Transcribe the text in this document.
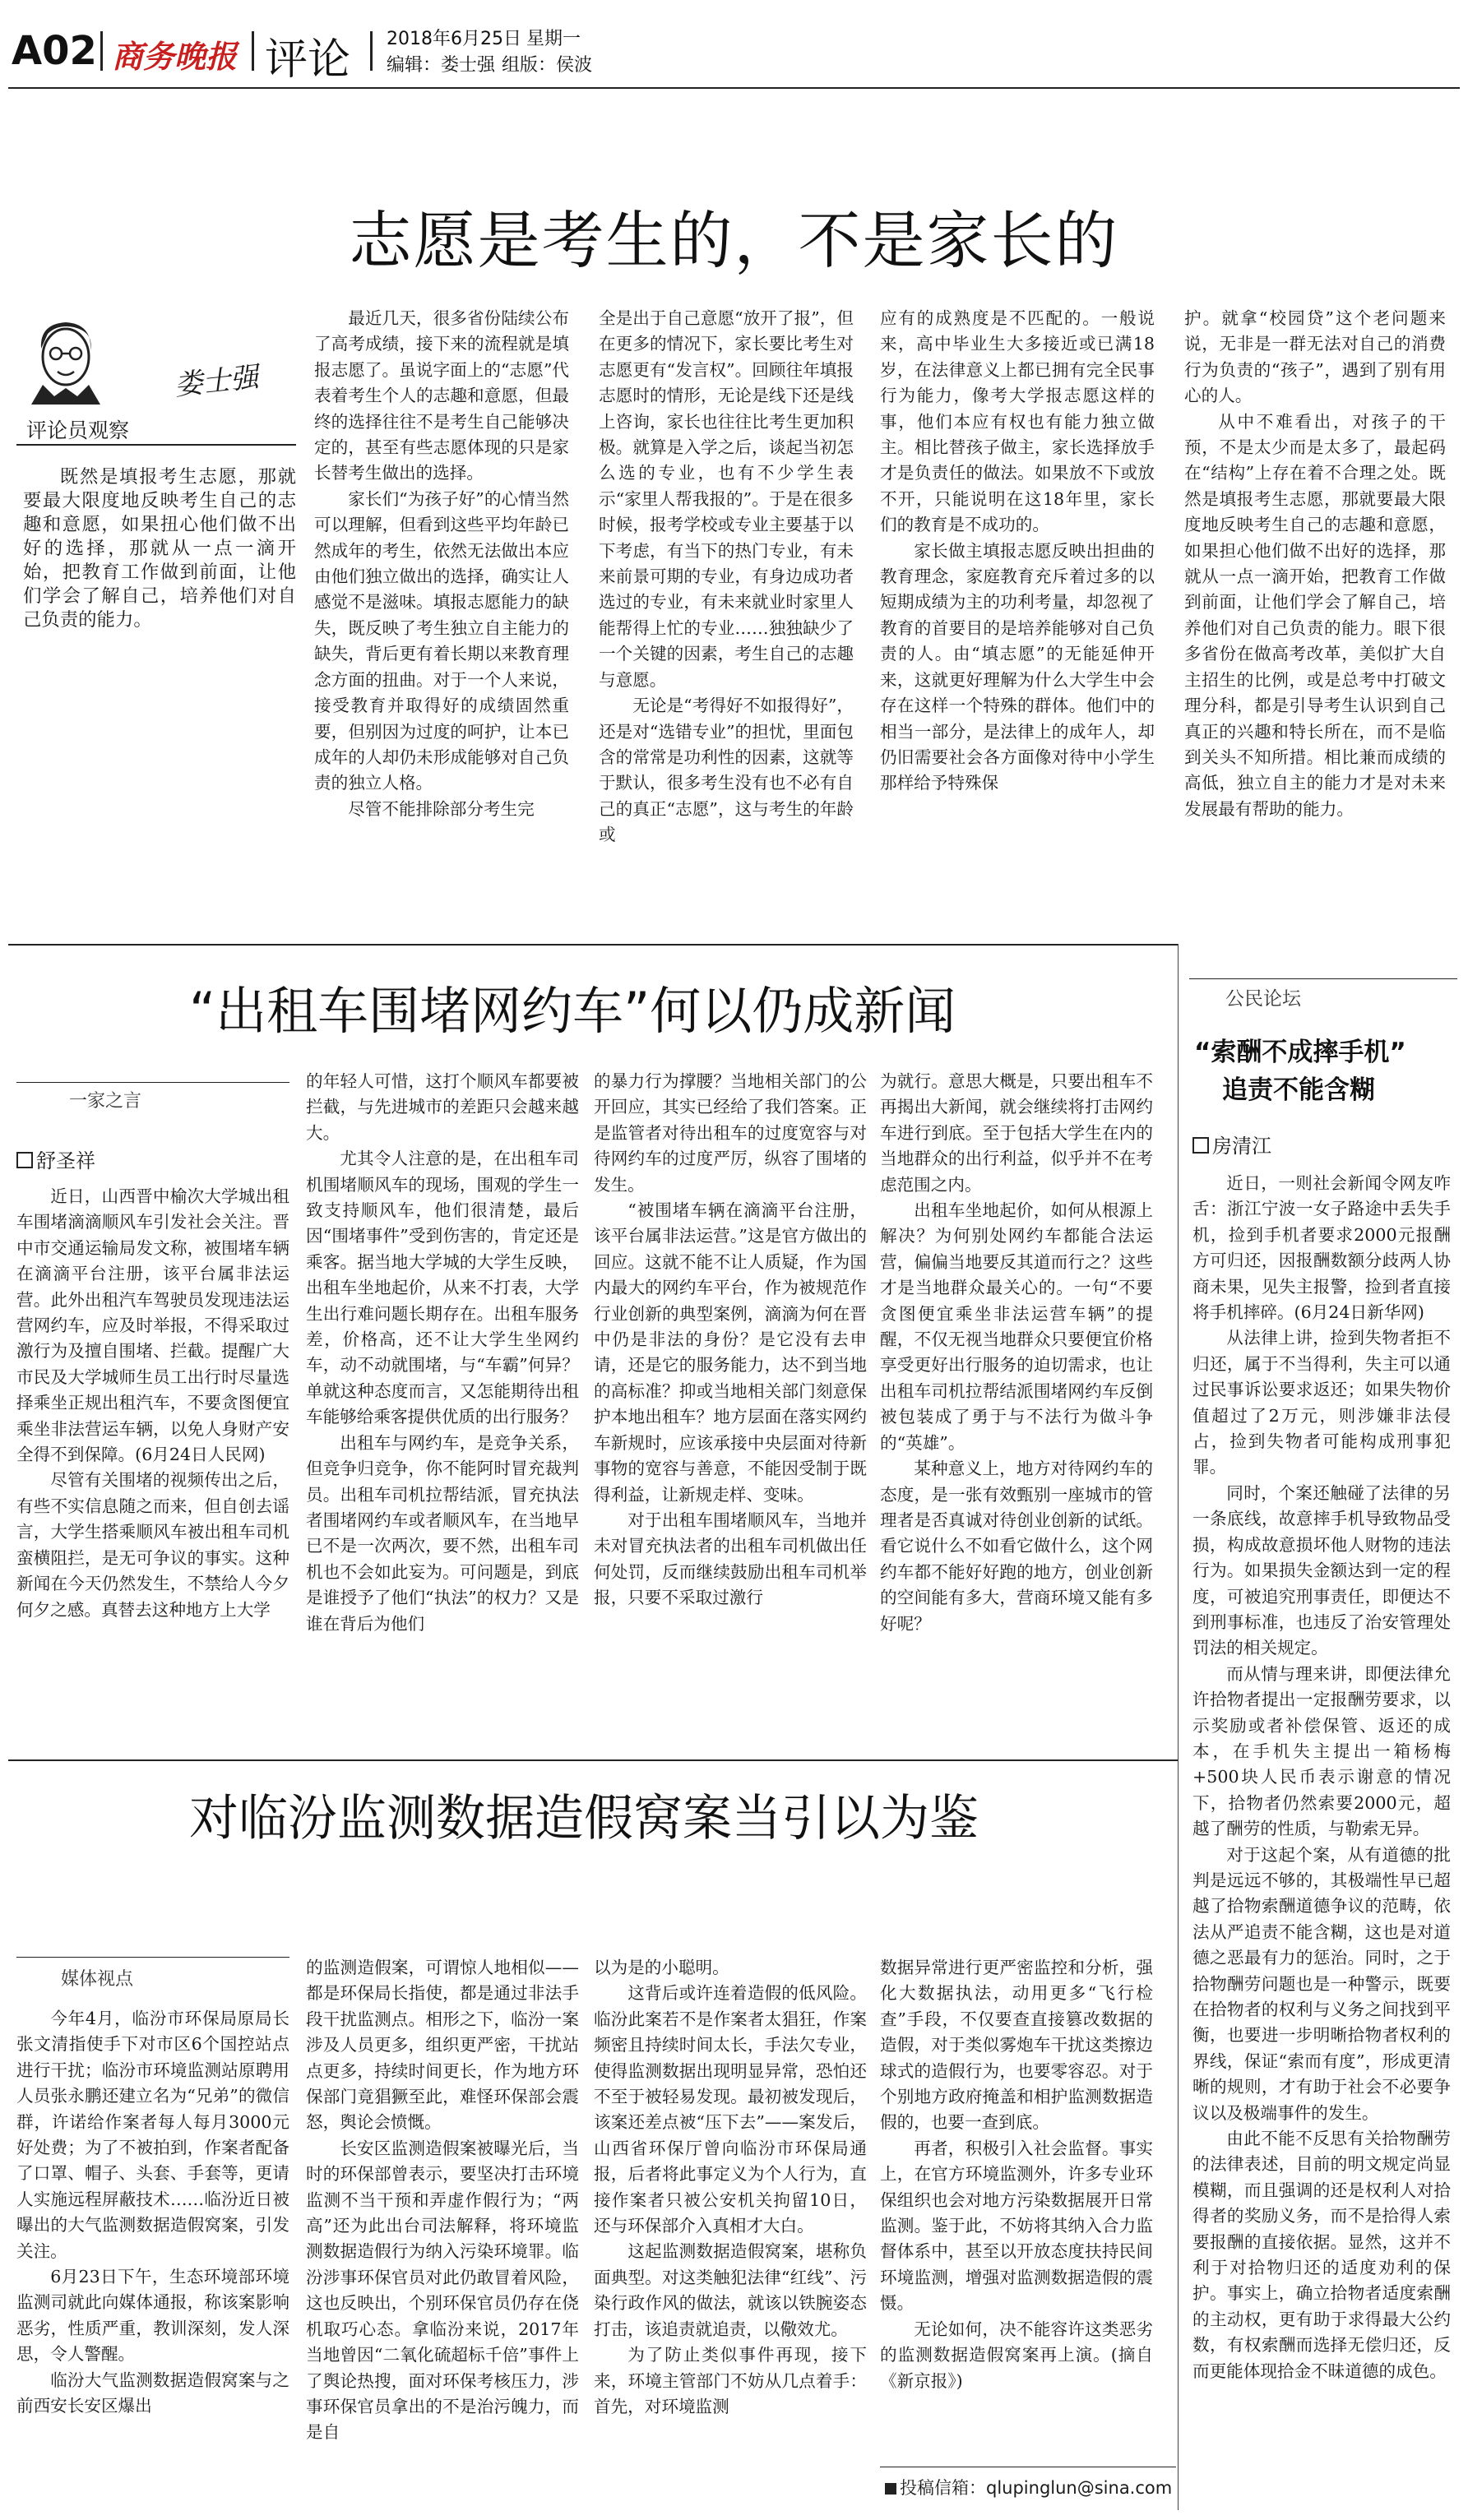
A02 商务晚报 评论 2018年6月25日 星期一
编辑：娄士强 组版：侯波
志愿是考生的，不是家长的
娄士强
评论员观察
既然是填报考生志愿，那就要最大限度地反映考生自己的志趣和意愿，如果扭心他们做不出好的选择，那就从一点一滴开始，把教育工作做到前面，让他们学会了解自己，培养他们对自己负责的能力。

最近几天，很多省份陆续公布了高考成绩，接下来的流程就是填报志愿了。虽说字面上的“志愿”代表着考生个人的志趣和意愿，但最终的选择往往不是考生自己能够决定的，甚至有些志愿体现的只是家长替考生做出的选择。

家长们“为孩子好”的心情当然可以理解，但看到这些平均年龄已然成年的考生，依然无法做出本应由他们独立做出的选择，确实让人感觉不是滋味。填报志愿能力的缺失，既反映了考生独立自主能力的缺失，背后更有着长期以来教育理念方面的扭曲。对于一个人来说，接受教育并取得好的成绩固然重要，但别因为过度的呵护，让本已成年的人却仍未形成能够对自己负责的独立人格。

尽管不能排除部分考生完

全是出于自己意愿“放开了报”，但在更多的情况下，家长要比考生对志愿更有“发言权”。回顾往年填报志愿时的情形，无论是线下还是线上咨询，家长也往往比考生更加积极。就算是入学之后，谈起当初怎么选的专业，也有不少学生表示“家里人帮我报的”。于是在很多时候，报考学校或专业主要基于以下考虑，有当下的热门专业，有未来前景可期的专业，有身边成功者选过的专业，有未来就业时家里人能帮得上忙的专业……独独缺少了一个关键的因素，考生自己的志趣与意愿。

无论是“考得好不如报得好”，还是对“选错专业”的担忧，里面包含的常常是功利性的因素，这就等于默认，很多考生没有也不必有自己的真正“志愿”，这与考生的年龄或

应有的成熟度是不匹配的。一般说来，高中毕业生大多接近或已满18岁，在法律意义上都已拥有完全民事行为能力，像考大学报志愿这样的事，他们本应有权也有能力独立做主。相比替孩子做主，家长选择放手才是负责任的做法。如果放不下或放不开，只能说明在这18年里，家长们的教育是不成功的。

家长做主填报志愿反映出担曲的教育理念，家庭教育充斥着过多的以短期成绩为主的功利考量，却忽视了教育的首要目的是培养能够对自己负责的人。由“填志愿”的无能延伸开来，这就更好理解为什么大学生中会存在这样一个特殊的群体。他们中的相当一部分，是法律上的成年人，却仍旧需要社会各方面像对待中小学生那样给予特殊保

护。就拿“校园贷”这个老问题来说，无非是一群无法对自己的消费行为负责的“孩子”，遇到了别有用心的人。

从中不难看出，对孩子的干预，不是太少而是太多了，最起码在“结构”上存在着不合理之处。既然是填报考生志愿，那就要最大限度地反映考生自己的志趣和意愿，如果担心他们做不出好的选择，那就从一点一滴开始，把教育工作做到前面，让他们学会了解自己，培养他们对自己负责的能力。眼下很多省份在做高考改革，美似扩大自主招生的比例，或是总考中打破文理分科，都是引导考生认识到自己真正的兴趣和特长所在，而不是临到关头不知所措。相比兼而成绩的高低，独立自主的能力才是对未来发展最有帮助的能力。

“出租车围堵网约车”何以仍成新闻
一家之言
舒圣祥

近日，山西晋中榆次大学城出租车围堵滴滴顺风车引发社会关注。晋中市交通运输局发文称，被围堵车辆在滴滴平台注册，该平台属非法运营。此外出租汽车驾驶员发现违法运营网约车，应及时举报，不得采取过激行为及擅自围堵、拦截。提醒广大市民及大学城师生员工出行时尽量选择乘坐正规出租汽车，不要贪图便宜乘坐非法营运车辆，以免人身财产安全得不到保障。(6月24日人民网)

尽管有关围堵的视频传出之后，有些不实信息随之而来，但自创去谣言，大学生搭乘顺风车被出租车司机蛮横阻拦，是无可争议的事实。这种新闻在今天仍然发生，不禁给人今夕何夕之感。真替去这种地方上大学

的年轻人可惜，这打个顺风车都要被拦截，与先进城市的差距只会越来越大。

尤其令人注意的是，在出租车司机围堵顺风车的现场，围观的学生一致支持顺风车，他们很清楚，最后因“围堵事件”受到伤害的，肯定还是乘客。据当地大学城的大学生反映，出租车坐地起价，从来不打表，大学生出行难问题长期存在。出租车服务差，价格高，还不让大学生坐网约车，动不动就围堵，与“车霸”何异？单就这种态度而言，又怎能期待出租车能够给乘客提供优质的出行服务？

出租车与网约车，是竞争关系，但竞争归竞争，你不能阿时冒充裁判员。出租车司机拉帮结派，冒充执法者围堵网约车或者顺风车，在当地早已不是一次两次，要不然，出租车司机也不会如此妄为。可问题是，到底是谁授予了他们“执法”的权力？又是谁在背后为他们

的暴力行为撑腰？当地相关部门的公开回应，其实已经给了我们答案。正是监管者对待出租车的过度宽容与对待网约车的过度严厉，纵容了围堵的发生。

“被围堵车辆在滴滴平台注册，该平台属非法运营。”这是官方做出的回应。这就不能不让人质疑，作为国内最大的网约车平台，作为被规范作行业创新的典型案例，滴滴为何在晋中仍是非法的身份？是它没有去申请，还是它的服务能力，达不到当地的高标准？抑或当地相关部门刻意保护本地出租车？地方层面在落实网约车新规时，应该承接中央层面对待新事物的宽容与善意，不能因受制于既得利益，让新规走样、变味。

对于出租车围堵顺风车，当地并未对冒充执法者的出租车司机做出任何处罚，反而继续鼓励出租车司机举报，只要不采取过激行

为就行。意思大概是，只要出租车不再揭出大新闻，就会继续将打击网约车进行到底。至于包括大学生在内的当地群众的出行利益，似乎并不在考虑范围之内。

出租车坐地起价，如何从根源上解决？为何别处网约车都能合法运营，偏偏当地要反其道而行之？这些才是当地群众最关心的。一句“不要贪图便宜乘坐非法运营车辆”的提醒，不仅无视当地群众只要便宜价格享受更好出行服务的迫切需求，也让出租车司机拉帮结派围堵网约车反倒被包装成了勇于与不法行为做斗争的“英雄”。

某种意义上，地方对待网约车的态度，是一张有效甄别一座城市的管理者是否真诚对待创业创新的试纸。看它说什么不如看它做什么，这个网约车都不能好好跑的地方，创业创新的空间能有多大，营商环境又能有多好呢？

对临汾监测数据造假窝案当引以为鉴
媒体视点

今年4月，临汾市环保局原局长张文清指使手下对市区6个国控站点进行干扰；临汾市环境监测站原聘用人员张永鹏还建立名为“兄弟”的微信群，许诺给作案者每人每月3000元好处费；为了不被拍到，作案者配备了口罩、帽子、头套、手套等，更请人实施远程屏蔽技术……临汾近日被曝出的大气监测数据造假窝案，引发关注。

6月23日下午，生态环境部环境监测司就此向媒体通报，称该案影响恶劣，性质严重，教训深刻，发人深思，令人警醒。

临汾大气监测数据造假窝案与之前西安长安区爆出

的监测造假案，可谓惊人地相似——都是环保局长指使，都是通过非法手段干扰监测点。相形之下，临汾一案涉及人员更多，组织更严密，干扰站点更多，持续时间更长，作为地方环保部门竟猖獗至此，难怪环保部会震怒，舆论会愤慨。

长安区监测造假案被曝光后，当时的环保部曾表示，要坚决打击环境监测不当干预和弄虚作假行为；“两高”还为此出台司法解释，将环境监测数据造假行为纳入污染环境罪。临汾涉事环保官员对此仍敢冒着风险，这也反映出，个别环保官员仍存在侥机取巧心态。拿临汾来说，2017年当地曾因“二氧化硫超标千倍”事件上了舆论热搜，面对环保考核压力，涉事环保官员拿出的不是治污魄力，而是自

以为是的小聪明。

这背后或许连着造假的低风险。临汾此案若不是作案者太猖狂，作案频密且持续时间太长，手法欠专业，使得监测数据出现明显异常，恐怕还不至于被轻易发现。最初被发现后，该案还差点被“压下去”——案发后，山西省环保厅曾向临汾市环保局通报，后者将此事定义为个人行为，直接作案者只被公安机关拘留10日，还与环保部介入真相才大白。

这起监测数据造假窝案，堪称负面典型。对这类触犯法律“红线”、污染行政作风的做法，就该以铁腕姿态打击，该追责就追责，以儆效尤。

为了防止类似事件再现，接下来，环境主管部门不妨从几点着手：首先，对环境监测

数据异常进行更严密监控和分析，强化大数据执法，动用更多“飞行检查”手段，不仅要查直接篡改数据的造假，对于类似雾炮车干扰这类擦边球式的造假行为，也要零容忍。对于个别地方政府掩盖和相护监测数据造假的，也要一查到底。

再者，积极引入社会监督。事实上，在官方环境监测外，许多专业环保组织也会对地方污染数据展开日常监测。鉴于此，不妨将其纳入合力监督体系中，甚至以开放态度扶持民间环境监测，增强对监测数据造假的震慑。

无论如何，决不能容许这类恶劣的监测数据造假窝案再上演。(摘自《新京报》)

投稿信箱：qlupinglun@sina.com
公民论坛
“索酬不成摔手机”
追责不能含糊
房清江

近日，一则社会新闻令网友咋舌：浙江宁波一女子路途中丢失手机，捡到手机者要求2000元报酬方可归还，因报酬数额分歧两人协商未果，见失主报警，捡到者直接将手机摔碎。(6月24日新华网)

从法律上讲，捡到失物者拒不归还，属于不当得利，失主可以通过民事诉讼要求返还；如果失物价值超过了2万元，则涉嫌非法侵占，捡到失物者可能构成刑事犯罪。

同时，个案还触碰了法律的另一条底线，故意摔手机导致物品受损，构成故意损坏他人财物的违法行为。如果损失金额达到一定的程度，可被追究刑事责任，即便达不到刑事标准，也违反了治安管理处罚法的相关规定。

而从情与理来讲，即便法律允许拾物者提出一定报酬劳要求，以示奖励或者补偿保管、返还的成本，在手机失主提出一箱杨梅+500块人民币表示谢意的情况下，拾物者仍然索要2000元，超越了酬劳的性质，与勒索无异。

对于这起个案，从有道德的批判是远远不够的，其极端性早已超越了拾物索酬道德争议的范畴，依法从严追责不能含糊，这也是对道德之恶最有力的惩治。同时，之于拾物酬劳问题也是一种警示，既要在拾物者的权利与义务之间找到平衡，也要进一步明晰拾物者权利的界线，保证“索而有度”，形成更清晰的规则，才有助于社会不必要争议以及极端事件的发生。

由此不能不反思有关拾物酬劳的法律表述，目前的明文规定尚显模糊，而且强调的还是权利人对拾得者的奖励义务，而不是拾得人索要报酬的直接依据。显然，这并不利于对拾物归还的适度劝利的保护。事实上，确立拾物者适度索酬的主动权，更有助于求得最大公约数，有权索酬而选择无偿归还，反而更能体现拾金不昧道德的成色。
